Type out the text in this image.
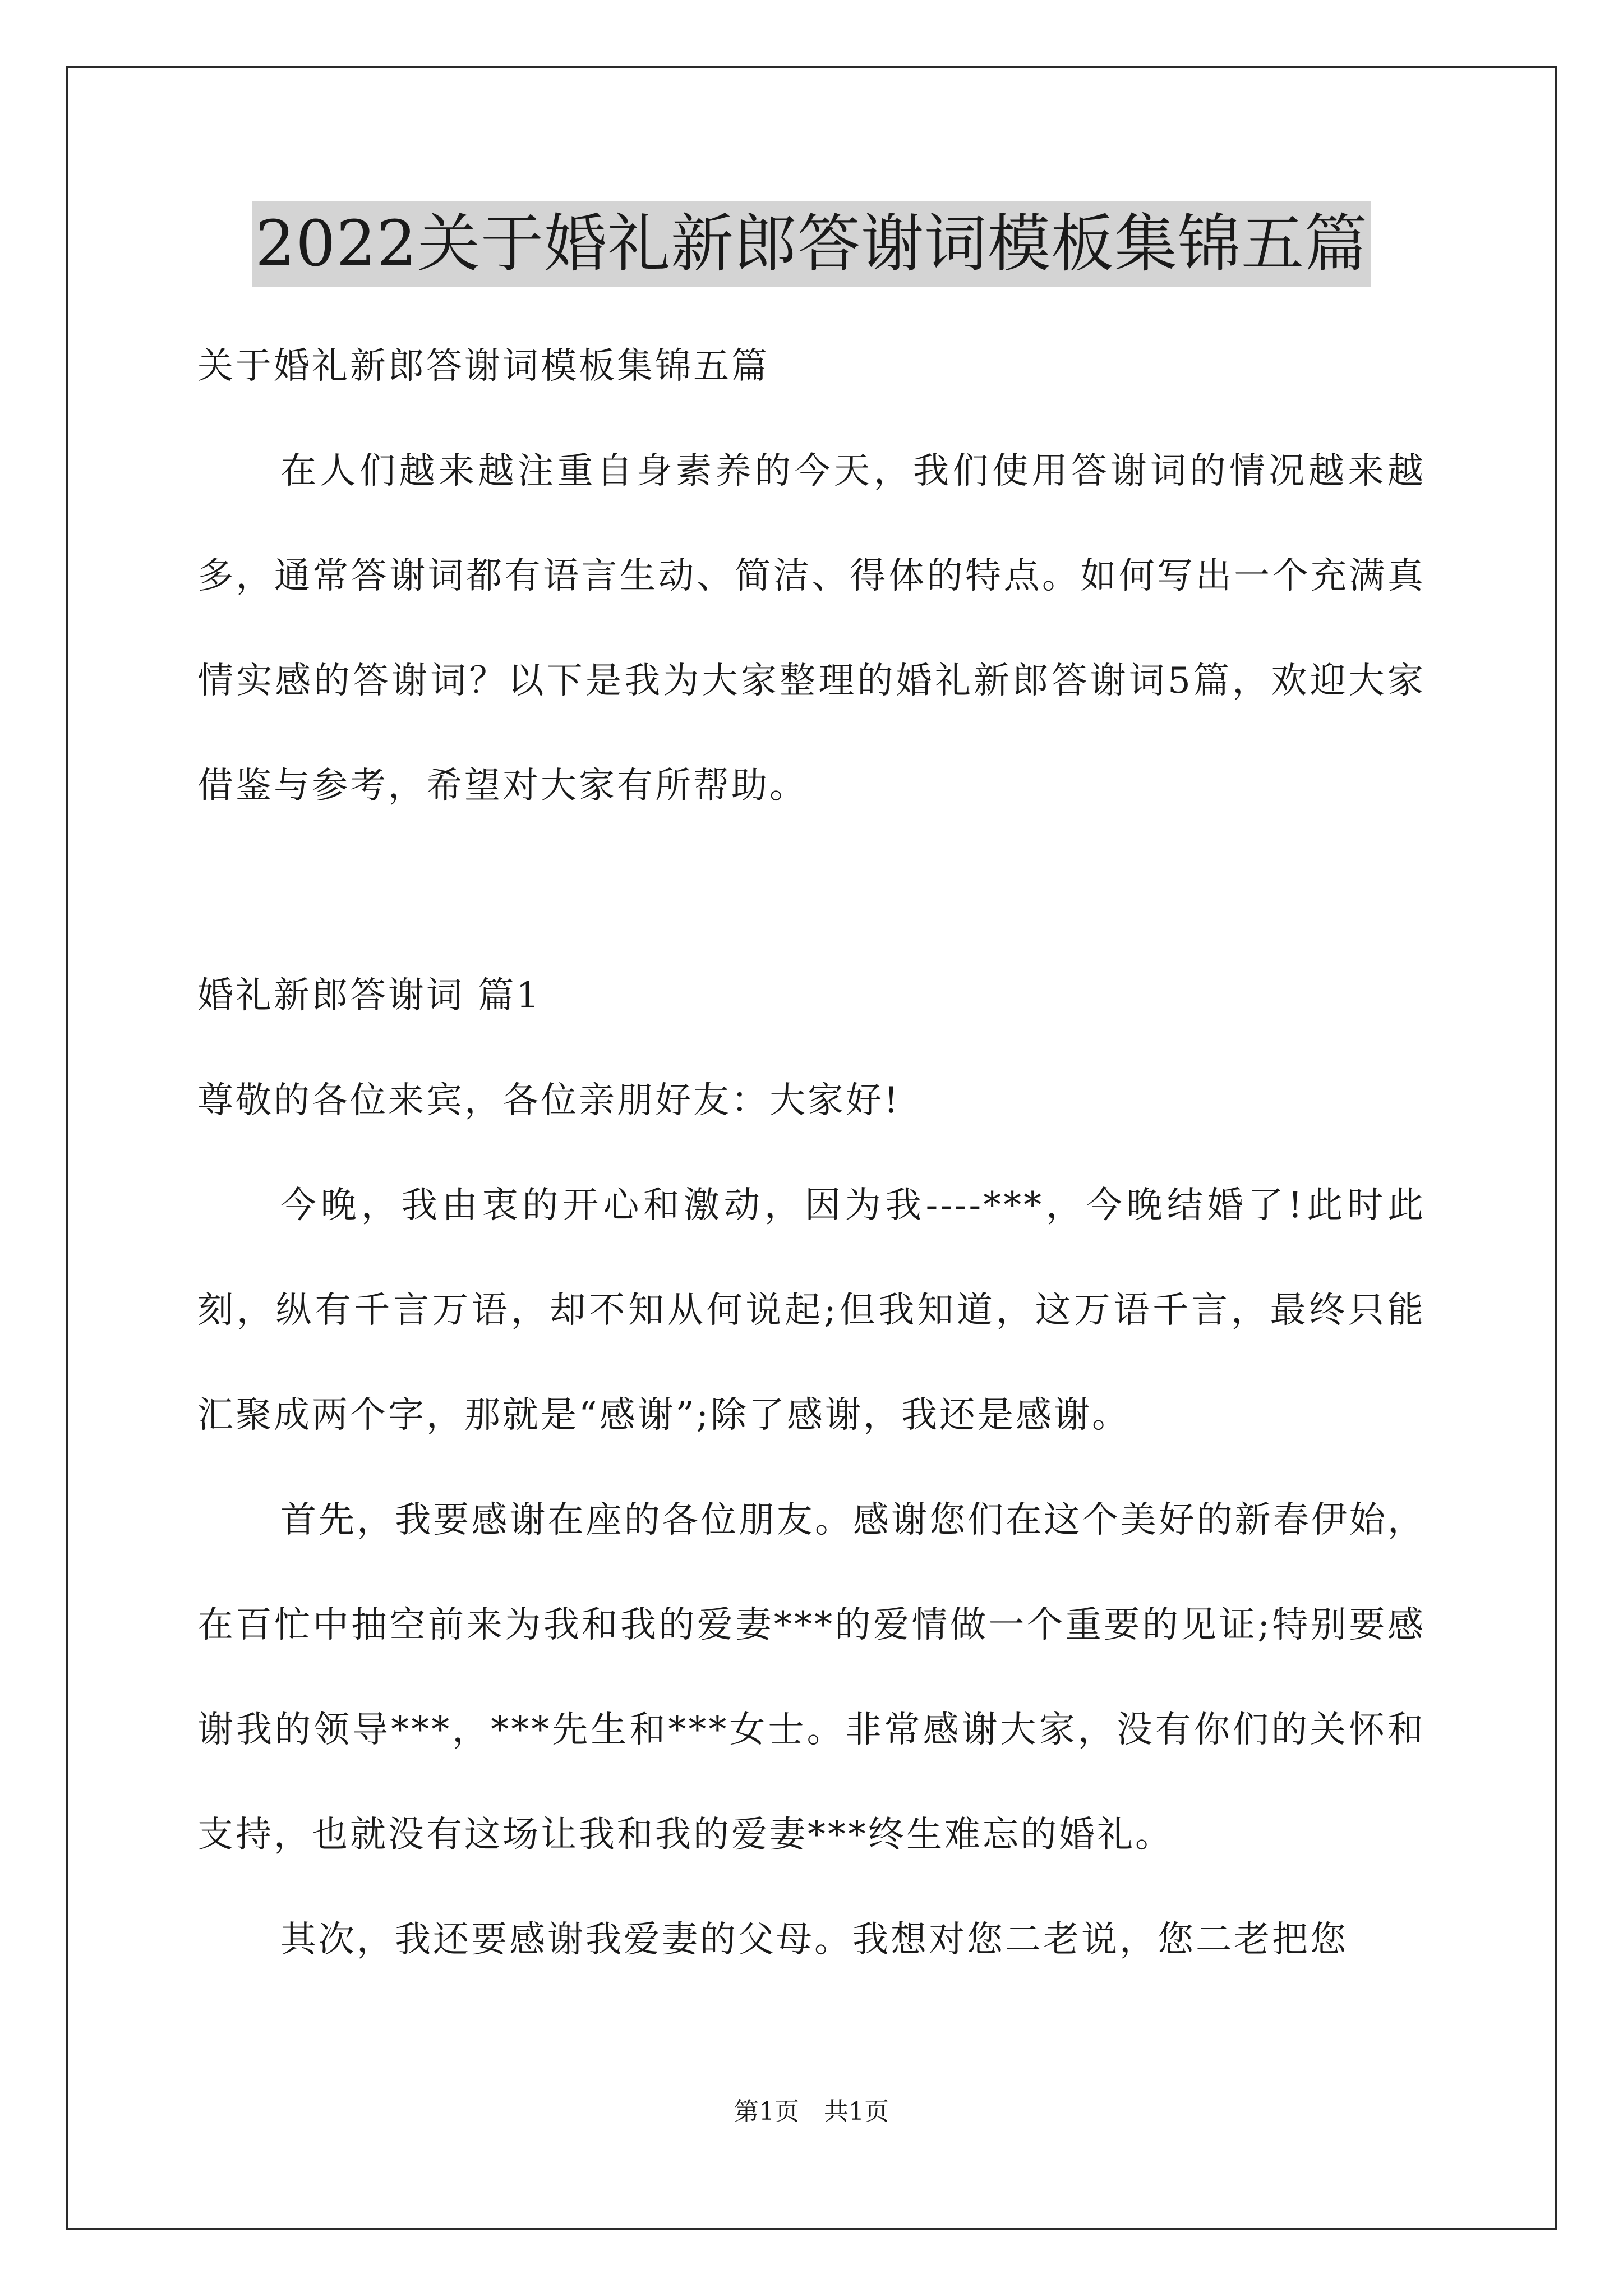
2022关于婚礼新郎答谢词模板集锦五篇

关于婚礼新郎答谢词模板集锦五篇

在人们越来越注重自身素养的今天，我们使用答谢词的情况越来越多，通常答谢词都有语言生动、简洁、得体的特点。如何写出一个充满真情实感的答谢词？以下是我为大家整理的婚礼新郎答谢词5篇，欢迎大家借鉴与参考，希望对大家有所帮助。

婚礼新郎答谢词 篇1

尊敬的各位来宾，各位亲朋好友：大家好!

今晚，我由衷的开心和激动，因为我----***，今晚结婚了!此时此刻，纵有千言万语，却不知从何说起;但我知道，这万语千言，最终只能汇聚成两个字，那就是“感谢”;除了感谢，我还是感谢。

首先，我要感谢在座的各位朋友。感谢您们在这个美好的新春伊始，在百忙中抽空前来为我和我的爱妻***的爱情做一个重要的见证;特别要感谢我的领导***，***先生和***女士。非常感谢大家，没有你们的关怀和支持，也就没有这场让我和我的爱妻***终生难忘的婚礼。

其次，我还要感谢我爱妻的父母。我想对您二老说，您二老把您

第1页 共1页
